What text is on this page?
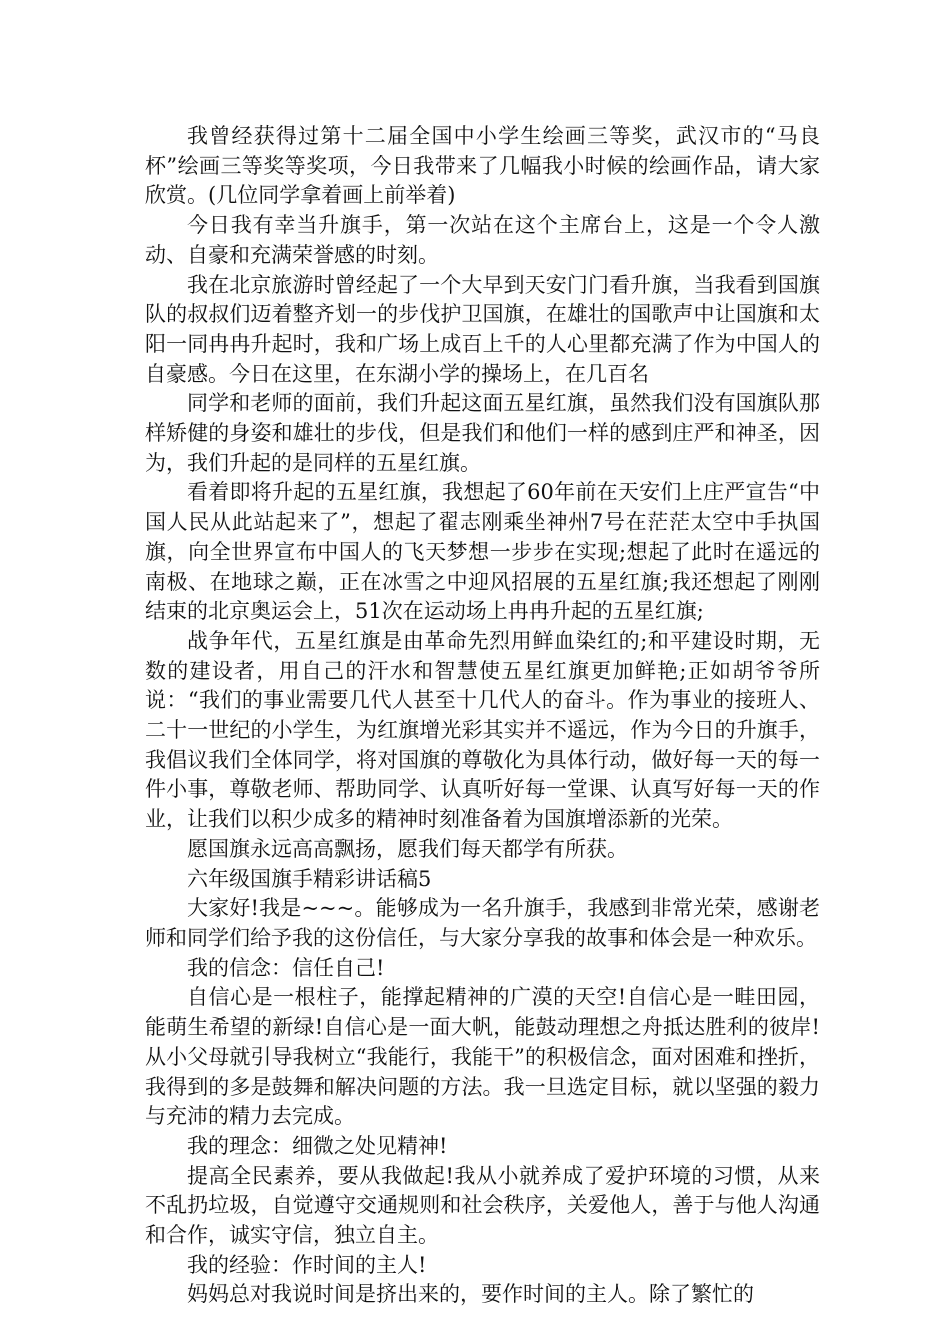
我曾经获得过第十二届全国中小学生绘画三等奖，武汉市的“马良杯”绘画三等奖等奖项，今日我带来了几幅我小时候的绘画作品，请大家欣赏。(几位同学拿着画上前举着)

今日我有幸当升旗手，第一次站在这个主席台上，这是一个令人激动、自豪和充满荣誉感的时刻。

我在北京旅游时曾经起了一个大早到天安门门看升旗，当我看到国旗队的叔叔们迈着整齐划一的步伐护卫国旗，在雄壮的国歌声中让国旗和太阳一同冉冉升起时，我和广场上成百上千的人心里都充满了作为中国人的自豪感。今日在这里，在东湖小学的操场上，在几百名

同学和老师的面前，我们升起这面五星红旗，虽然我们没有国旗队那样矫健的身姿和雄壮的步伐，但是我们和他们一样的感到庄严和神圣，因为，我们升起的是同样的五星红旗。

看着即将升起的五星红旗，我想起了60年前在天安们上庄严宣告“中国人民从此站起来了”，想起了翟志刚乘坐神州7号在茫茫太空中手执国旗，向全世界宣布中国人的飞天梦想一步步在实现;想起了此时在遥远的南极、在地球之巅，正在冰雪之中迎风招展的五星红旗;我还想起了刚刚结束的北京奥运会上，51次在运动场上冉冉升起的五星红旗;

战争年代，五星红旗是由革命先烈用鲜血染红的;和平建设时期，无数的建设者，用自己的汗水和智慧使五星红旗更加鲜艳;正如胡爷爷所说：“我们的事业需要几代人甚至十几代人的奋斗。作为事业的接班人、二十一世纪的小学生，为红旗增光彩其实并不遥远，作为今日的升旗手，我倡议我们全体同学，将对国旗的尊敬化为具体行动，做好每一天的每一件小事，尊敬老师、帮助同学、认真听好每一堂课、认真写好每一天的作业，让我们以积少成多的精神时刻准备着为国旗增添新的光荣。

愿国旗永远高高飘扬，愿我们每天都学有所获。

六年级国旗手精彩讲话稿5

大家好!我是~~~。能够成为一名升旗手，我感到非常光荣，感谢老师和同学们给予我的这份信任，与大家分享我的故事和体会是一种欢乐。

我的信念：信任自己!

自信心是一根柱子，能撑起精神的广漠的天空!自信心是一畦田园，能萌生希望的新绿!自信心是一面大帆，能鼓动理想之舟抵达胜利的彼岸!从小父母就引导我树立“我能行，我能干”的积极信念，面对困难和挫折，我得到的多是鼓舞和解决问题的方法。我一旦选定目标，就以坚强的毅力与充沛的精力去完成。

我的理念：细微之处见精神!

提高全民素养，要从我做起!我从小就养成了爱护环境的习惯，从来不乱扔垃圾，自觉遵守交通规则和社会秩序，关爱他人，善于与他人沟通和合作，诚实守信，独立自主。

我的经验：作时间的主人!

妈妈总对我说时间是挤出来的，要作时间的主人。除了繁忙的
